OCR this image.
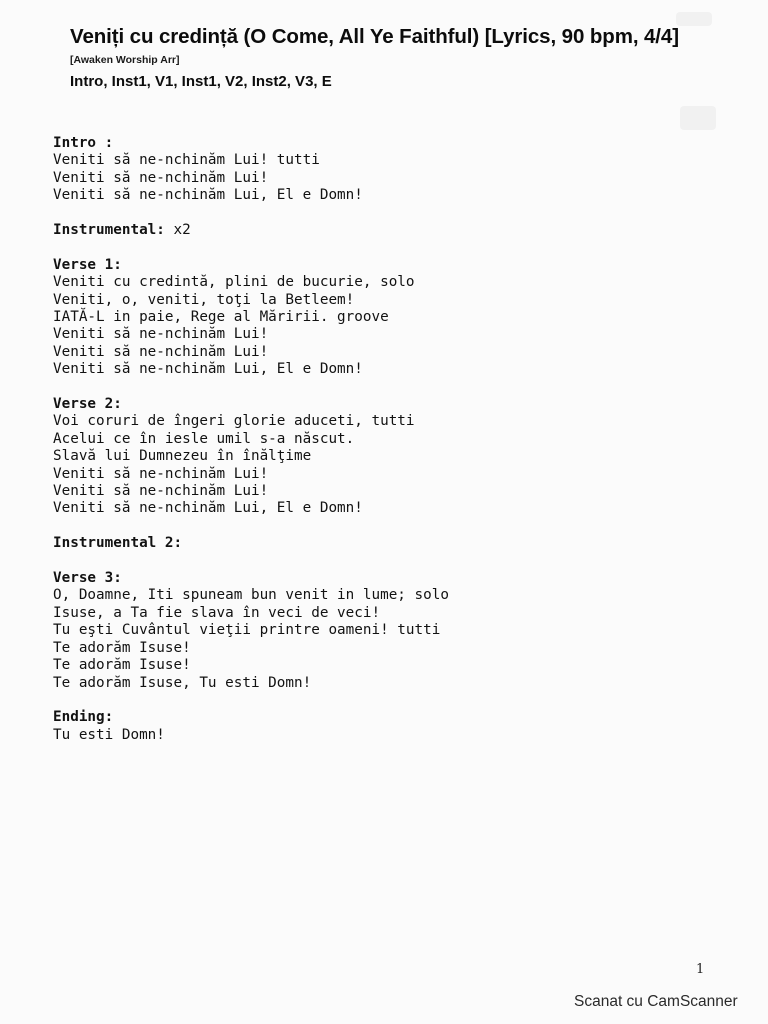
Veniți cu credință (O Come, All Ye Faithful) [Lyrics, 90 bpm, 4/4]
[Awaken Worship Arr]
Intro, Inst1, V1, Inst1, V2, Inst2, V3, E
Intro :
Veniti să ne-nchinăm Lui! tutti
Veniti să ne-nchinăm Lui!
Veniti să ne-nchinăm Lui, El e Domn!
Instrumental: x2
Verse 1:
Veniti cu credintă, plini de bucurie, solo
Veniti, o, veniti, toţi la Betleem!
IATĂ-L in paie, Rege al Măririi. groove
Veniti să ne-nchinăm Lui!
Veniti să ne-nchinăm Lui!
Veniti să ne-nchinăm Lui, El e Domn!
Verse 2:
Voi coruri de îngeri glorie aduceti, tutti
Acelui ce în iesle umil s-a născut.
Slavă lui Dumnezeu în înălţime
Veniti să ne-nchinăm Lui!
Veniti să ne-nchinăm Lui!
Veniti să ne-nchinăm Lui, El e Domn!
Instrumental 2:
Verse 3:
O, Doamne, Iti spuneam bun venit in lume; solo
Isuse, a Ta fie slava în veci de veci!
Tu eşti Cuvântul vieţii printre oameni! tutti
Te adorăm Isuse!
Te adorăm Isuse!
Te adorăm Isuse, Tu esti Domn!
Ending:
Tu esti Domn!
1
Scanat cu CamScanner
